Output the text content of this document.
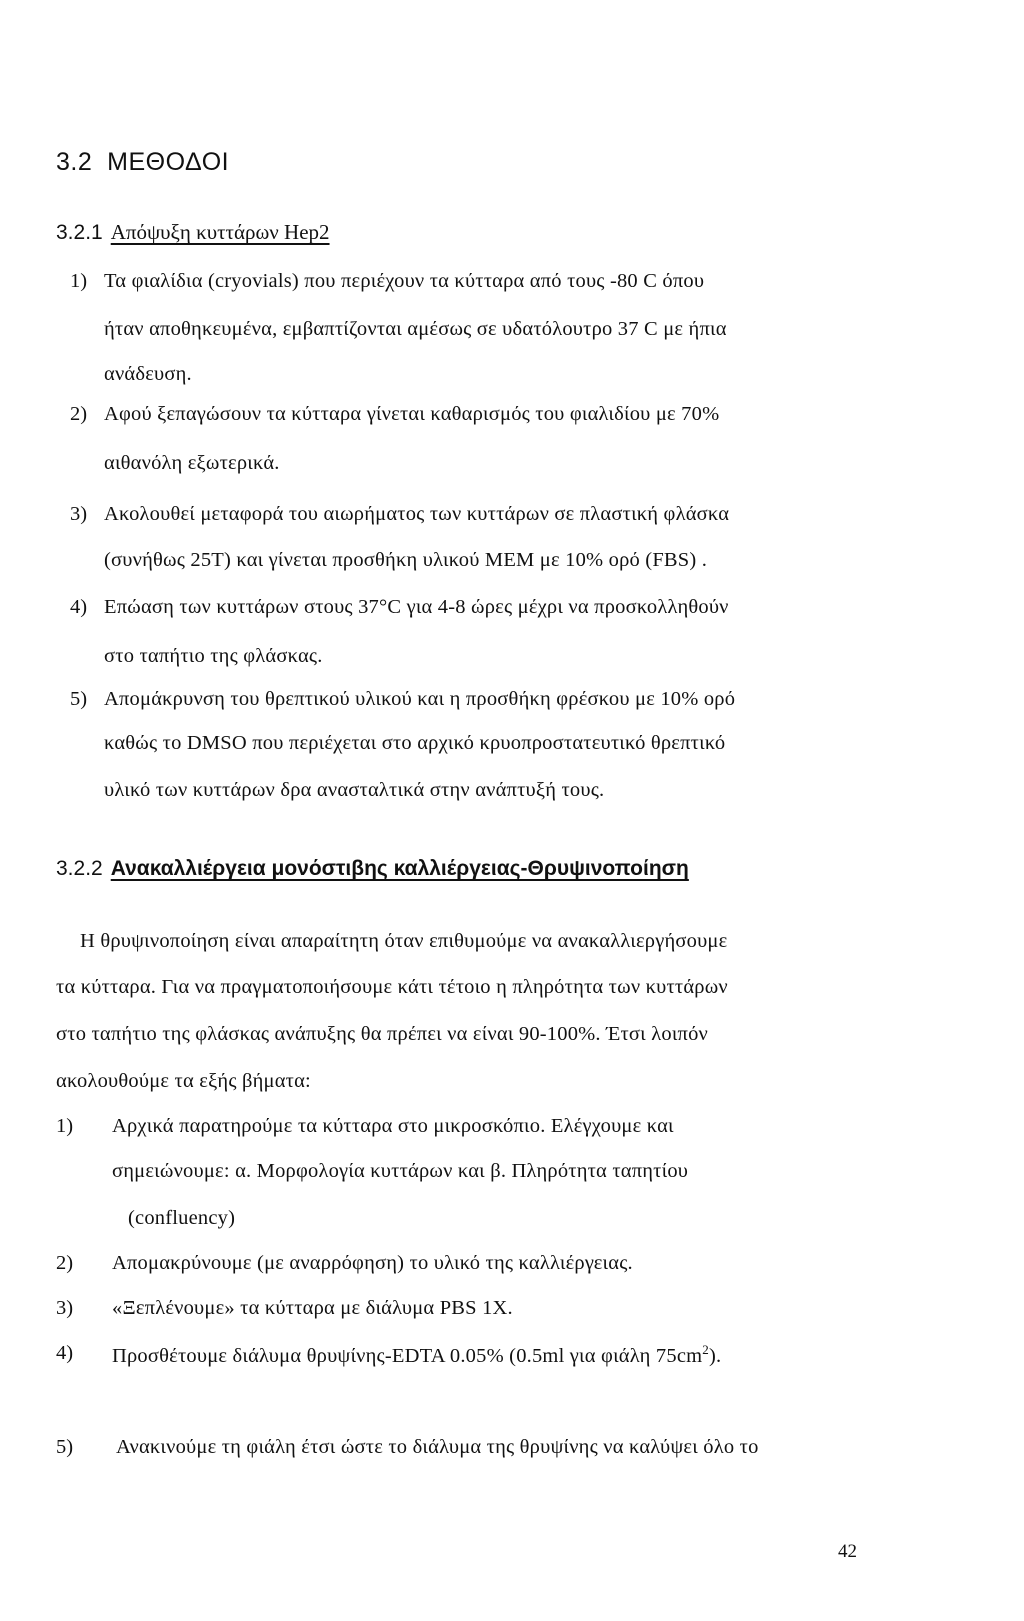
3.2 ΜΕΘΟΔΟΙ
3.2.1 Απόψυξη κυττάρων Hep2
1) Τα φιαλίδια (cryovials) που περιέχουν τα κύτταρα από τους -80 C όπου
ήταν αποθηκευμένα, εμβαπτίζονται αμέσως σε υδατόλουτρο 37 C με ήπια
ανάδευση.
2) Αφού ξεπαγώσουν τα κύτταρα γίνεται καθαρισμός του φιαλιδίου με 70%
αιθανόλη εξωτερικά.
3) Ακολουθεί μεταφορά του αιωρήματος των κυττάρων σε πλαστική φλάσκα
(συνήθως 25T) και γίνεται προσθήκη υλικού ΜΕΜ με 10% ορό (FBS) .
4) Επώαση των κυττάρων στους 37°C για 4-8 ώρες μέχρι να προσκολληθούν
στο ταπήτιο της φλάσκας.
5) Απομάκρυνση του θρεπτικού υλικού και η προσθήκη φρέσκου με 10% ορό
καθώς το DMSO που περιέχεται στο αρχικό κρυοπροστατευτικό θρεπτικό
υλικό των κυττάρων δρα ανασταλτικά στην ανάπτυξή τους.
3.2.2 Ανακαλλιέργεια μονόστιβης καλλιέργειας-Θρυψινοποίηση
Η θρυψινοποίηση είναι απαραίτητη όταν επιθυμούμε να ανακαλλιεργήσουμε
τα κύτταρα. Για να πραγματοποιήσουμε κάτι τέτοιο η πληρότητα των κυττάρων
στο ταπήτιο της φλάσκας ανάπυξης θα πρέπει να είναι 90-100%. Έτσι λοιπόν
ακολουθούμε τα εξής βήματα:
1) Αρχικά παρατηρούμε τα κύτταρα στο μικροσκόπιο. Ελέγχουμε και
σημειώνουμε: α. Μορφολογία κυττάρων και β. Πληρότητα ταπητίου
(confluency)
2) Απομακρύνουμε (με αναρρόφηση) το υλικό της καλλιέργειας.
3) «Ξεπλένουμε» τα κύτταρα με διάλυμα PBS 1X.
4) Προσθέτουμε διάλυμα θρυψίνης-EDTA 0.05% (0.5ml για φιάλη $75cm^2$).
5) Ανακινούμε τη φιάλη έτσι ώστε το διάλυμα της θρυψίνης να καλύψει όλο το
42
